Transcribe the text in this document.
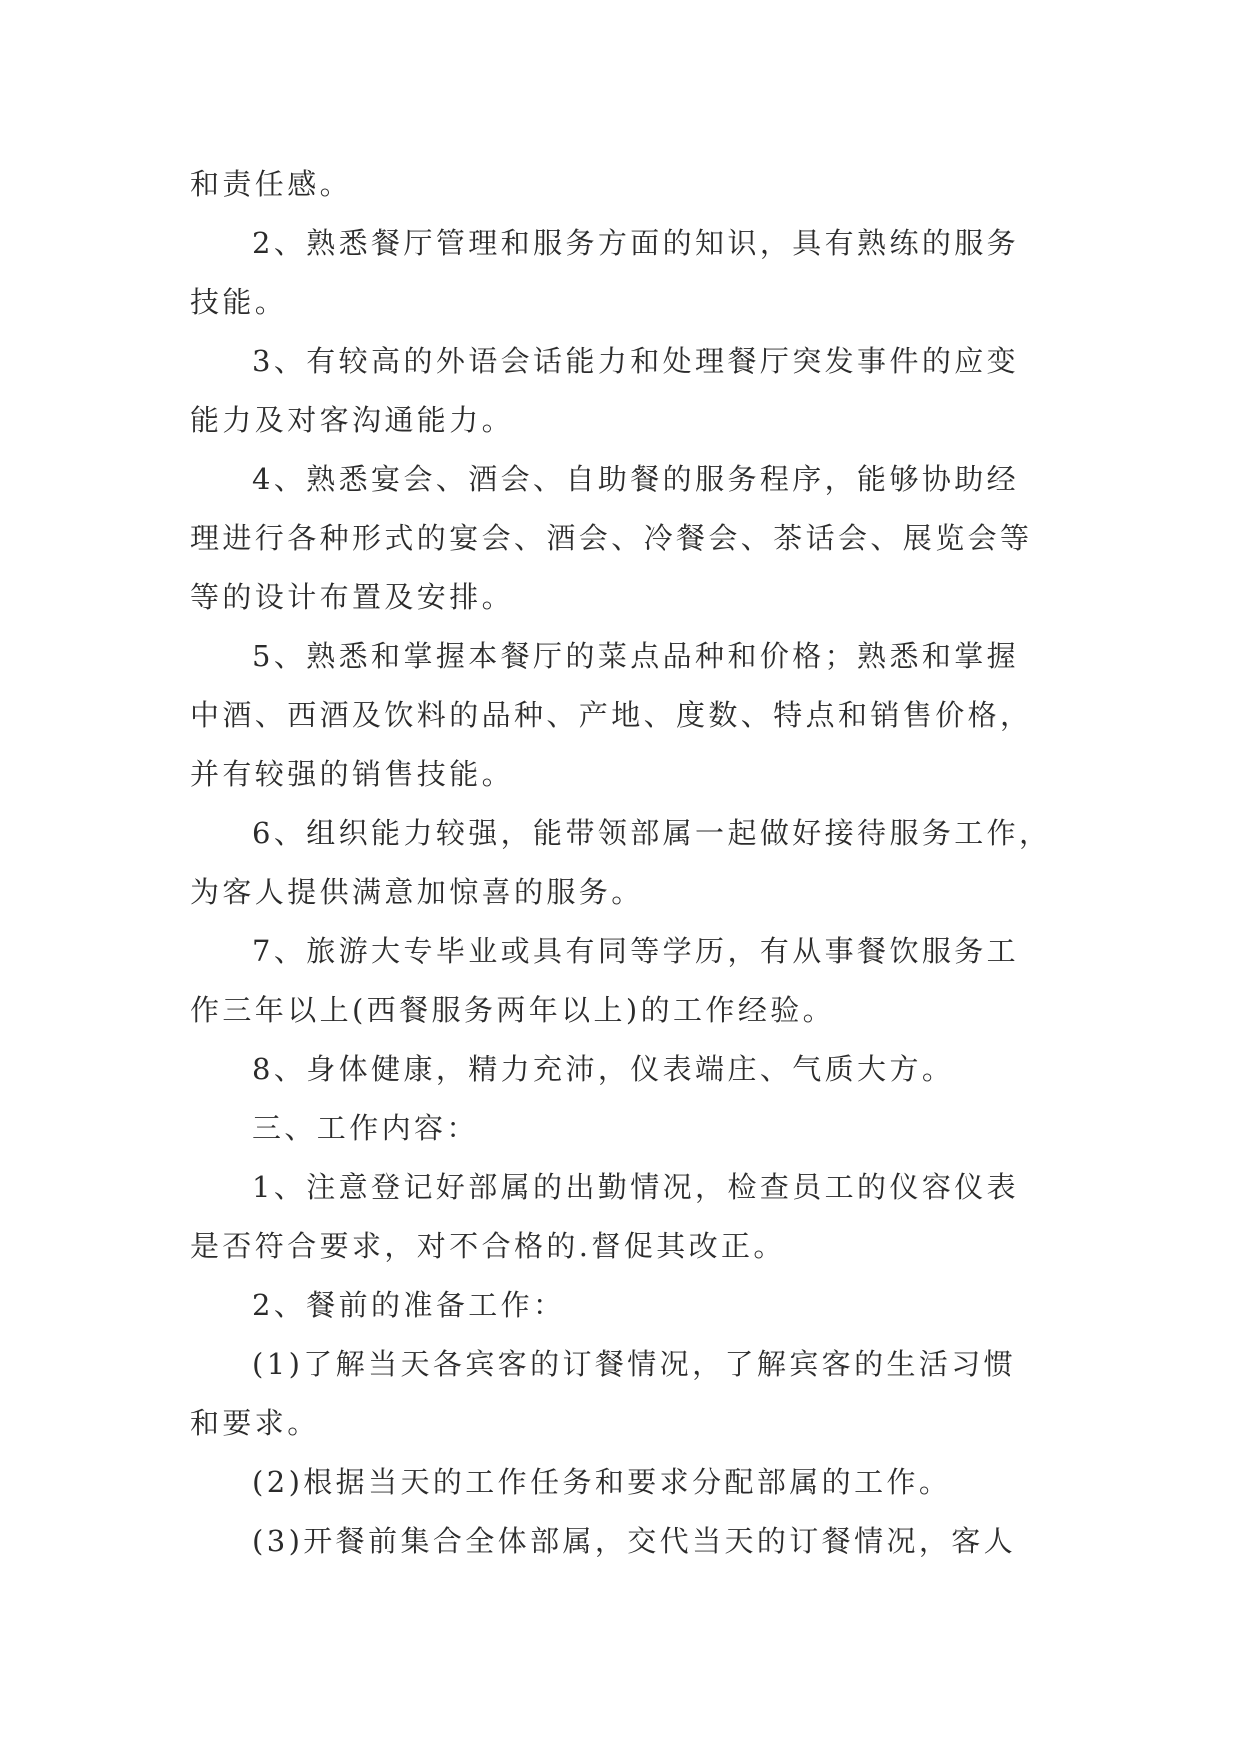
和责任感。
2、熟悉餐厅管理和服务方面的知识，具有熟练的服务
技能。
3、有较高的外语会话能力和处理餐厅突发事件的应变
能力及对客沟通能力。
4、熟悉宴会、酒会、自助餐的服务程序，能够协助经
理进行各种形式的宴会、酒会、冷餐会、茶话会、展览会等
等的设计布置及安排。
5、熟悉和掌握本餐厅的菜点品种和价格；熟悉和掌握
中酒、西酒及饮料的品种、产地、度数、特点和销售价格，
并有较强的销售技能。
6、组织能力较强，能带领部属一起做好接待服务工作，
为客人提供满意加惊喜的服务。
7、旅游大专毕业或具有同等学历，有从事餐饮服务工
作三年以上(西餐服务两年以上)的工作经验。
8、身体健康，精力充沛，仪表端庄、气质大方。
三、工作内容：
1、注意登记好部属的出勤情况，检查员工的仪容仪表
是否符合要求，对不合格的.督促其改正。
2、餐前的准备工作：
(1)了解当天各宾客的订餐情况，了解宾客的生活习惯
和要求。
(2)根据当天的工作任务和要求分配部属的工作。
(3)开餐前集合全体部属，交代当天的订餐情况，客人
